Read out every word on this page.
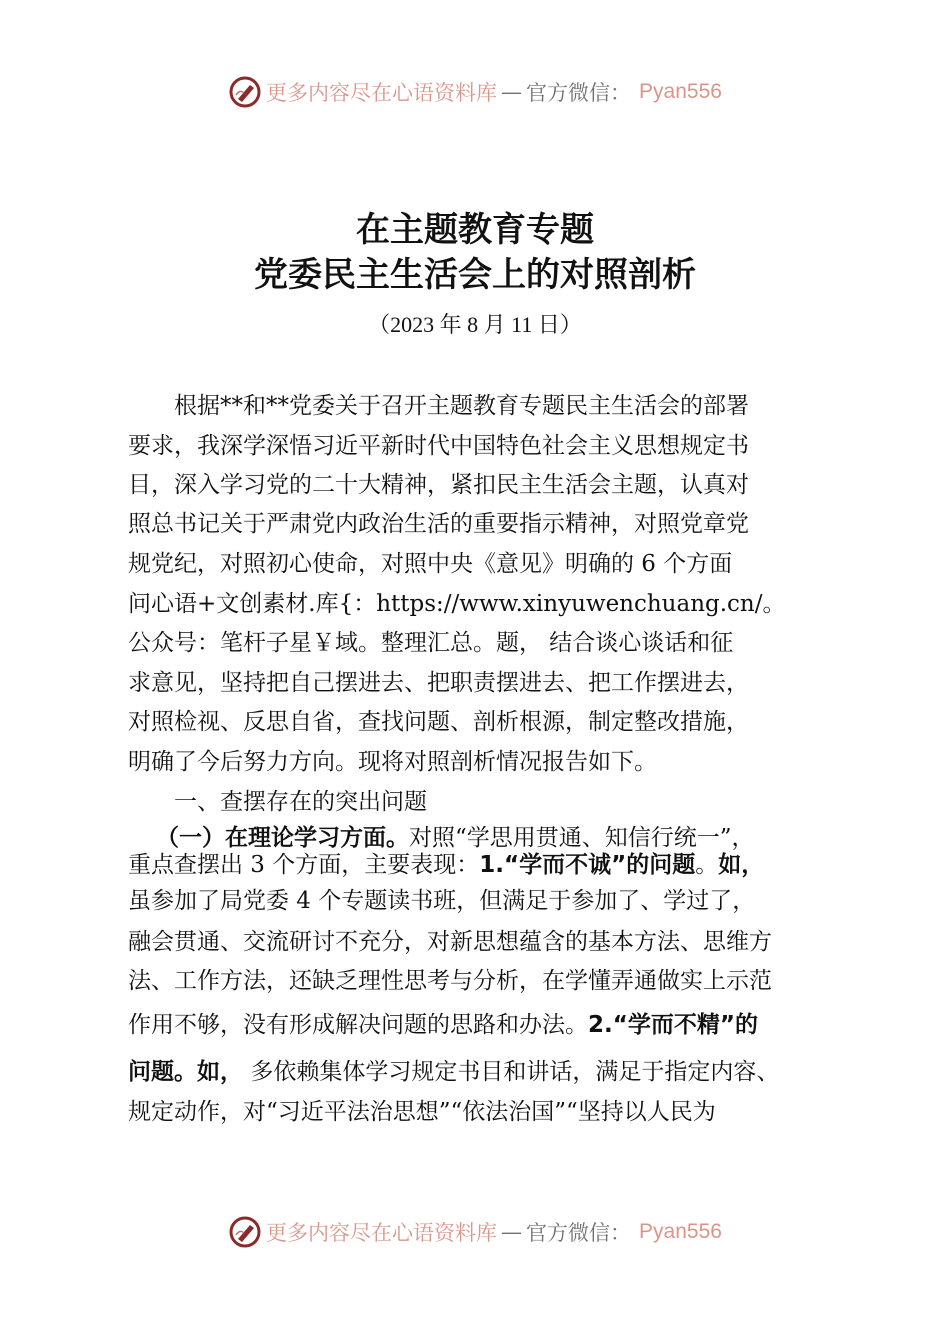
更多内容尽在心语资料库 — 官方微信： Pyan556
在主题教育专题
党委民主生活会上的对照剖析
（2023 年 8 月 11 日）
　　根据**和**党委关于召开主题教育专题民主生活会的部署
要求，我深学深悟习近平新时代中国特色社会主义思想规定书
目，深入学习党的二十大精神，紧扣民主生活会主题，认真对
照总书记关于严肃党内政治生活的重要指示精神，对照党章党
规党纪，对照初心使命，对照中央《意见》明确的 6 个方面
问心语+文创素材.库{：https://www.xinyuwenchuang.cn/。
公众号：笔杆子星￥域。整理汇总。题， 结合谈心谈话和征
求意见，坚持把自己摆进去、把职责摆进去、把工作摆进去，
对照检视、反思自省，查找问题、剖析根源，制定整改措施，
明确了今后努力方向。现将对照剖析情况报告如下。
　　一、查摆存在的突出问题
（一）在理论学习方面。对照“学思用贯通、知信行统一”，
重点查摆出 3 个方面，主要表现：1.“学而不诚”的问题。如，
虽参加了局党委 4 个专题读书班，但满足于参加了、学过了，
融会贯通、交流研讨不充分，对新思想蕴含的基本方法、思维方
法、工作方法，还缺乏理性思考与分析，在学懂弄通做实上示范
作用不够，没有形成解决问题的思路和办法。2.“学而不精”的
问题。如， 多依赖集体学习规定书目和讲话，满足于指定内容、
规定动作，对“习近平法治思想”“依法治国”“坚持以人民为
更多内容尽在心语资料库 — 官方微信： Pyan556
